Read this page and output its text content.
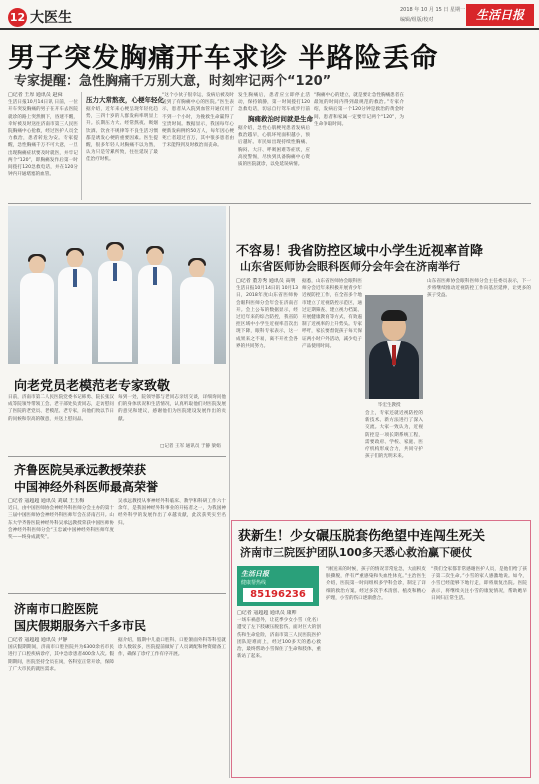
12 大医生	2018 年 10 月 15 日 星期一
编辑/组版/校对	生活日报
男子突发胸痛开车求诊 半路险丢命
专家提醒：急性胸痛千万别大意，时刻牢记两个“120”
□记者 王厚 通讯员 赵舜
生活日报10月14日讯 日前，一位开车突发胸痛的男子在开车去医院就诊的路上突然倒下，昏迷不醒，幸好被及时送往济南市第三人民医院胸痛中心抢救，经过医护人员全力救治，患者转危为安。专家提醒，急性胸痛千万不可大意，一旦出现胸痛症状要及时就医，并牢记两个“120”，即胸痛发作后第一时间拨打120急救电话，并在120分钟内开通堵塞的血管。
压力大常熬夜，心梗年轻化
据介绍，近年来心梗呈现年轻化趋势，三四十岁的人群发病率明显上升。长期压力大、经常熬夜、吸烟饮酒、饮食不规律等不良生活习惯都是诱发心梗的重要因素。医生提醒，很多年轻人对胸痛不以为然，认为只是劳累所致，往往延误了最佳治疗时机。
“这个小伙子很幸运，发病后被及时送到了有胸痛中心的医院。”医生表示，患者从入院到血管开通仅用了不到一个小时，为挽救生命赢得了宝贵时间。数据显示，我国每年心梗新发病例约50万人，每年因心梗死亡者超过百万，其中很多患者由于未能得到及时救治而丧命。
发生胸痛后，患者应立即停止活动，保持镇静，第一时间拨打120急救电话，切忌自行驾车或步行前
胸痛救治时间就是生命
据介绍，急性心肌梗死患者发病后救治越早，心肌坏死面积越小，预后越好。市民如出现持续性胸痛、胸闷、大汗、呼吸困难等症状，应高度警惕，尽快到具备胸痛中心资质的医院就诊，以免延误病情。
“胸痛中心的建立，就是要让急性胸痛患者在最短的时间内得到最规范的救治。”专家介绍，发病后第一个120分钟是救治的黄金时间，患者和家属一定要牢记两个“120”，为生命争取时间。
向老党员老模范老专家致敬
日前，济南市第二人民医院党委书记韩勇、院长张汉成等院领导带领工会、老干部处负责同志，走访慰问了医院的老党员、老模范、老专家，向他们致以节日的问候和崇高的敬意，并送上慰问品。
每到一处，院领导都与老同志亲切交谈，详细询问他们的身体状况和生活情况，认真听取他们对医院发展的意见和建议，感谢他们为医院建设发展作出的贡献。
□记者 王军 通讯员 于静 梁娟
齐鲁医院吴承远教授荣获
中国神经外科医师最高荣誉
□记者 寇超超 通讯员 刘斌 王玉梅
近日，由中国医师协会神经外科医师分会主办的第十三届中国医师协会神经外科医师年会在济南召开。山东大学齐鲁医院神经外科吴承远教授荣获中国医师协会神经外科医师分会“王忠诚中国神经外科医师年度奖——终身成就奖”。
吴承远教授从事神经外科临床、教学和科研工作六十余年，是我国神经外科事业的开拓者之一，为我国神经外科学的发展作出了卓越贡献，此次获奖实至名归。
济南市口腔医院
国庆假期服务六千多市民
□记者 寇超超 通讯员 尹静
国庆假期期间，济南市口腔医院共为6300余名市民进行了口腔疾病诊疗，其中急诊患者400余人次。假期期间，医院坚持全员在岗，各科室正常开诊，保障了广大市民的就医需求。
据介绍，假期中儿童口腔科、口腔颌面外科等科室就诊人数较多，医院提前做好了人员调配和物资储备工作，确保了诊疗工作有序开展。
不容易！我省防控区域中小学生近视率首降
山东省医师协会眼科医师分会年会在济南举行
□记者 董芳秀 通讯员 高明
生活日报10月14日讯 10月13日，2018年度山东省医师协会眼科医师分会年会在济南召开。会上公布的数据显示，经过近年来的综合防控，我省防控区域中小学生近视率首次出现下降，眼科专家表示，这一成果来之不易，离不开社会各界的共同努力。
据悉，山东省医师协会眼科医师分会近年来积极开展青少年近视防控工作，在全省多个地市建立了近视防控示范区，通过定期筛查、建立视力档案、开展健康教育等方式，有效遏制了近视率的上升势头。专家呼吁，家长要督促孩子每天保证两小时户外活动，减少电子产品使用时间。
毕宏生教授
会上，专家还就近视防控的新技术、新方法进行了深入交流。大家一致认为，近视防控是一项长期系统工程，需要政府、学校、家庭、医疗机构形成合力，共同守护孩子们的光明未来。
山东省医师协会眼科医师分会主任委员表示，下一步将继续推动近视防控工作向基层延伸，让更多的孩子受益。
获新生！少女碾压脱套伤绝望中连闯生死关
济南市三院医护团队100多天悉心救治赢下硬仗
生活日报
健康帮热线
85196236
□记者 寇超超 通讯员 康帅
一场车祸意外，让花季少女小雪（化名）遭受了左下肢碾压脱套伤，面对巨大的创伤和生命危险，济南市第三人民医院医护团队迎难而上，经过100多天的悉心救治，最终帮助小雪保住了生命和肢体，重新站了起来。
“刚送来的时候，孩子的情况非常危急，大面积皮肤撕脱，伴有严重感染和失血性休克。”主治医生介绍，医院第一时间组织多学科会诊，制定了详细的救治方案。经过多次手术清创、植皮和精心护理，小雪的伤口逐渐愈合。
“我们全家都非常感谢医护人员，是他们给了孩子第二次生命。”小雪的家人感激地说。如今，小雪已经能够下地行走，即将康复出院。医院表示，将继续关注小雪的康复情况，帮助她早日回归正常生活。
